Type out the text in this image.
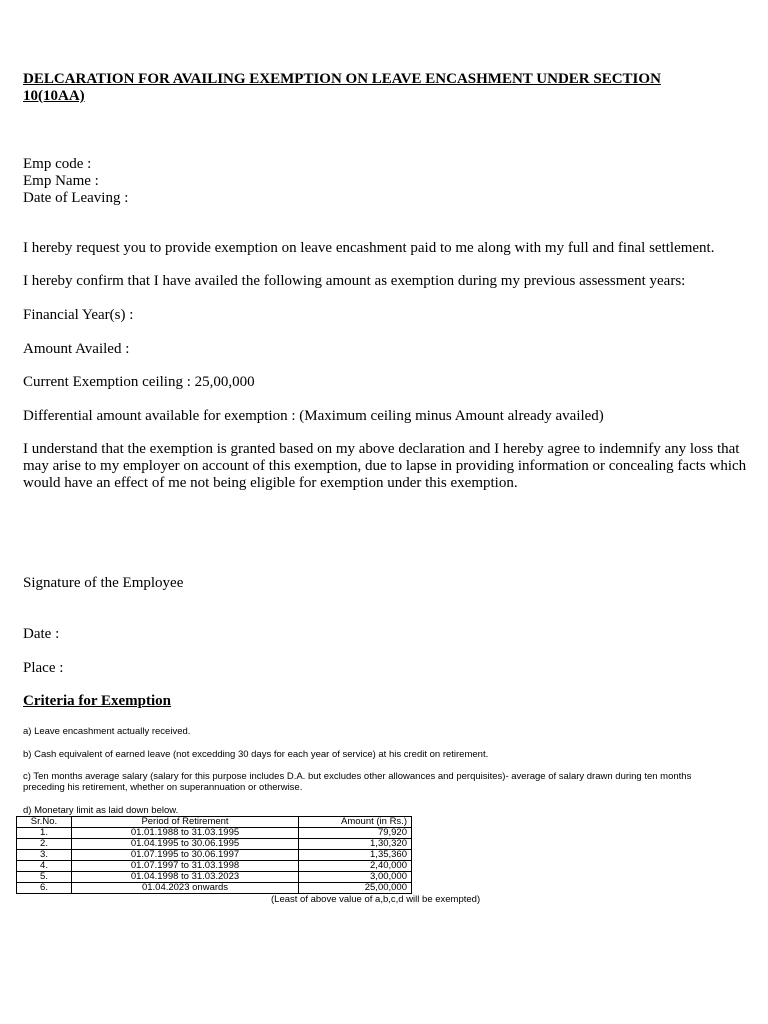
DELCARATION FOR AVAILING EXEMPTION ON LEAVE ENCASHMENT UNDER SECTION 10(10AA)
Emp code :
Emp Name :
Date of Leaving :
I hereby request you to provide exemption on leave encashment paid to me along with my full and final settlement.
I hereby confirm that I have availed the following amount as exemption during my previous assessment years:
Financial Year(s) :
Amount Availed :
Current Exemption ceiling : 25,00,000
Differential amount available for exemption : (Maximum ceiling minus Amount already availed)
I understand that the exemption is granted based on my above declaration and I hereby agree to indemnify any loss that may arise to my employer on account of this exemption, due to lapse in providing information or concealing facts which would have an effect of me not being eligible for exemption under this exemption.
Signature of the Employee
Date :
Place :
Criteria for Exemption
a) Leave encashment actually received.
b) Cash equivalent of earned leave (not excedding 30 days for each year of service) at his credit on retirement.
c) Ten months average salary (salary for this purpose includes D.A. but excludes other allowances and perquisites)- average of salary drawn during ten months preceding his retirement, whether on superannuation or otherwise.
d) Monetary limit as laid down below.
Sr.No.	Period of Retirement	Amount (in Rs.)
1.	01.01.1988 to 31.03.1995	79,920
2.	01.04.1995 to 30.06.1995	1,30,320
3.	01.07.1995 to 30.06.1997	1,35,360
4.	01.07.1997 to 31.03.1998	2,40,000
5.	01.04.1998 to 31.03.2023	3,00,000
6.	01.04.2023 onwards	25,00,000
(Least of above value of a,b,c,d will be exempted)
